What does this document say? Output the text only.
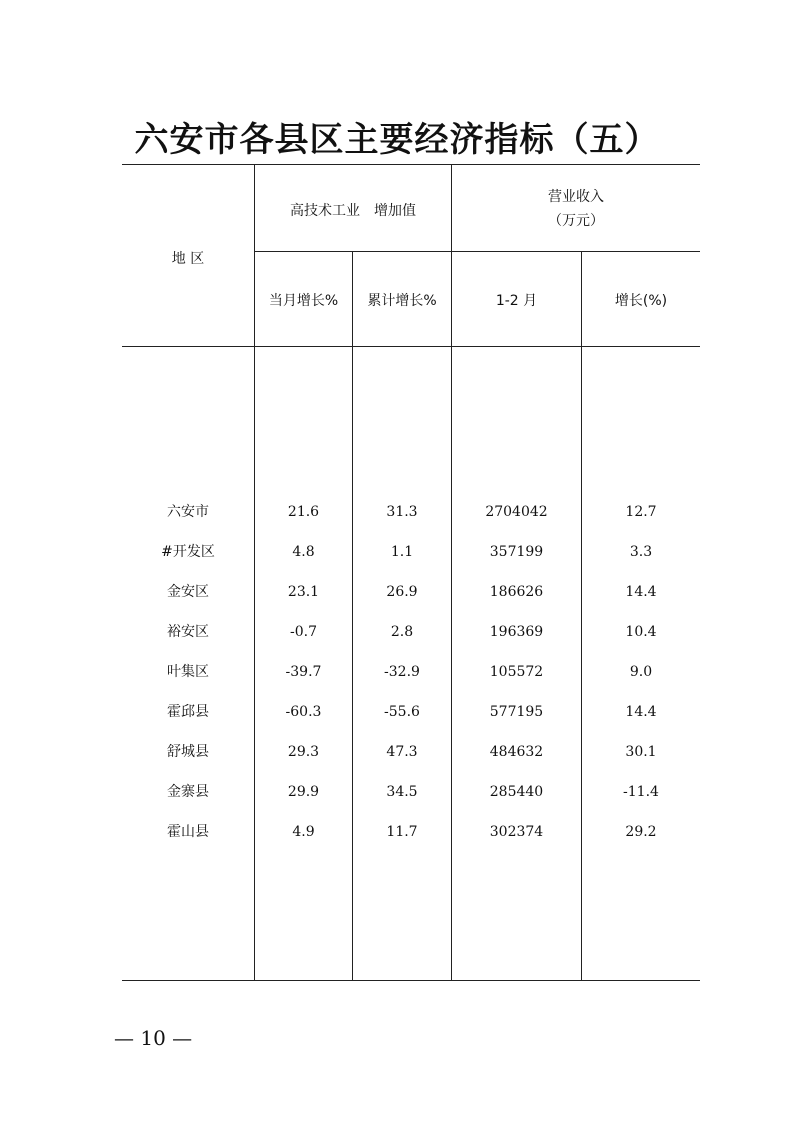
六安市各县区主要经济指标（五）
地 区
高技术工业　增加值
营业收入
（万元）
当月增长%	累计增长%	1-2 月	增长(%)
六安市	21.6	31.3	2704042	12.7
#开发区	4.8	1.1	357199	3.3
金安区	23.1	26.9	186626	14.4
裕安区	-0.7	2.8	196369	10.4
叶集区	-39.7	-32.9	105572	9.0
霍邱县	-60.3	-55.6	577195	14.4
舒城县	29.3	47.3	484632	30.1
金寨县	29.9	34.5	285440	-11.4
霍山县	4.9	11.7	302374	29.2
— 10 —
